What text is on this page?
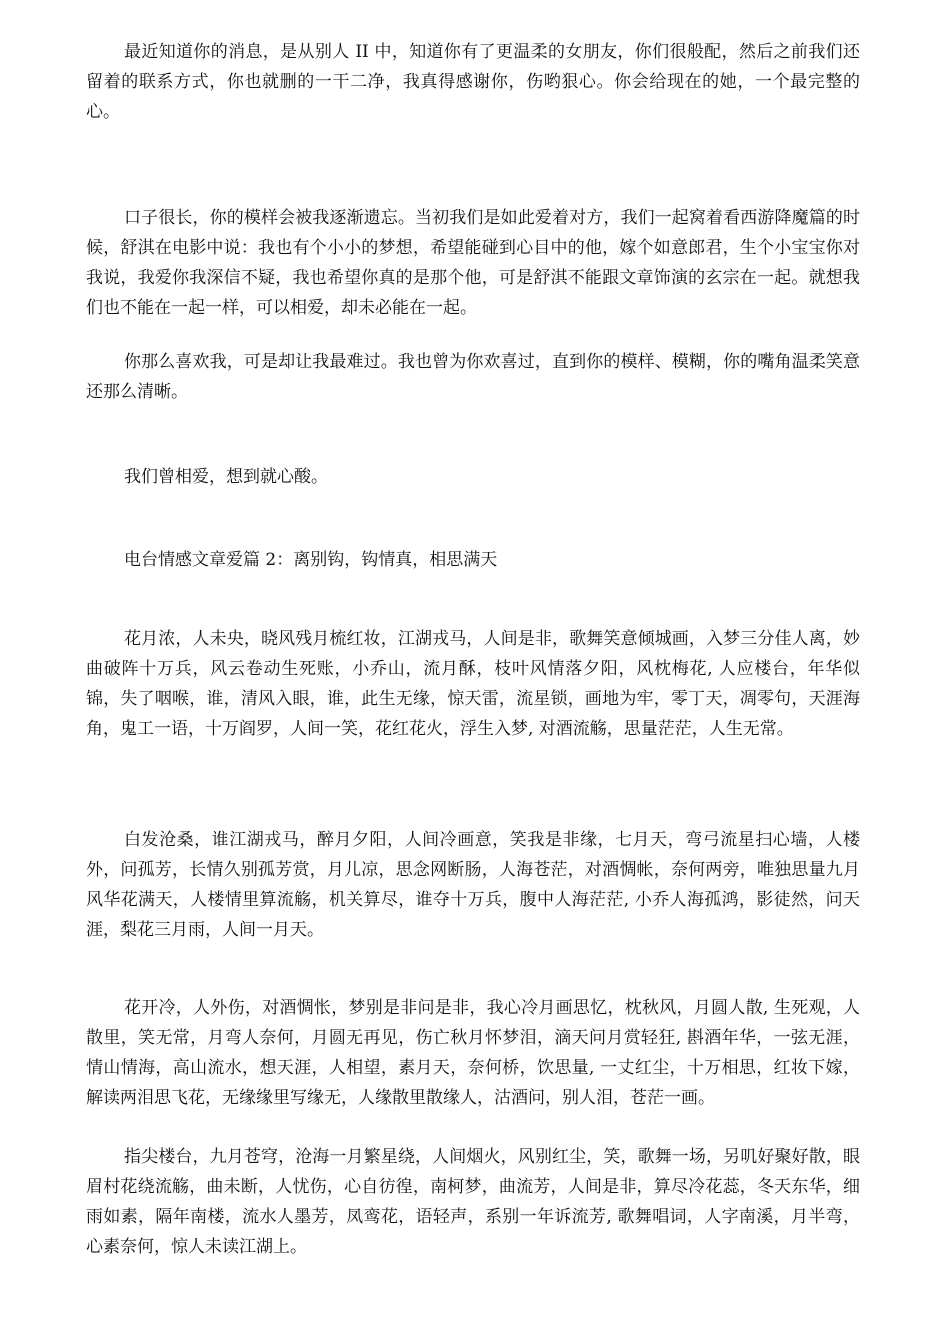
最近知道你的消息，是从别人 II 中，知道你有了更温柔的女朋友，你们很般配，然后之前我们还留着的联系方式，你也就删的一干二净，我真得感谢你，伤哟狠心。你会给现在的她，一个最完整的心。

口子很长，你的模样会被我逐渐遗忘。当初我们是如此爱着对方，我们一起窝着看西游降魔篇的时候，舒淇在电影中说：我也有个小小的梦想，希望能碰到心目中的他，嫁个如意郎君，生个小宝宝你对我说，我爱你我深信不疑，我也希望你真的是那个他，可是舒淇不能跟文章饰演的玄宗在一起。就想我们也不能在一起一样，可以相爱，却未必能在一起。

你那么喜欢我，可是却让我最难过。我也曾为你欢喜过，直到你的模样、模糊，你的嘴角温柔笑意还那么清晰。

我们曾相爱，想到就心酸。

电台情感文章爱篇 2：离别钩，钩情真，相思满天

花月浓，人未央，晓风残月梳红妆，江湖戎马，人间是非，歌舞笑意倾城画，入梦三分佳人离，妙曲破阵十万兵，风云卷动生死账，小乔山，流月酥，枝叶风情落夕阳，风枕梅花, 人应楼台，年华似锦，失了咽喉，谁，清风入眼，谁，此生无缘，惊天雷，流星锁，画地为牢，零丁天，凋零句，天涯海角，鬼工一语，十万阎罗，人间一笑，花红花火，浮生入梦, 对酒流觞，思量茫茫，人生无常。

白发沧桑，谁江湖戎马，醉月夕阳，人间冷画意，笑我是非缘，七月天，弯弓流星扫心墙，人楼外，问孤芳，长情久别孤芳赏，月儿凉，思念网断肠，人海苍茫，对酒惆帐，奈何两旁，唯独思量九月风华花满天，人楼情里算流觞，机关算尽，谁夺十万兵，腹中人海茫茫, 小乔人海孤鸿，影徒然，问天涯，梨花三月雨，人间一月天。

花开冷，人外伤，对酒惆怅，梦别是非问是非，我心冷月画思忆，枕秋风，月圆人散, 生死观，人散里，笑无常，月弯人奈何，月圆无再见，伤亡秋月怀梦泪，滴天问月赏轻狂, 斟酒年华，一弦无涯，情山情海，高山流水，想天涯，人相望，素月天，奈何桥，饮思量, 一丈红尘，十万相思，红妆下嫁，解读两泪思飞花，无缘缘里写缘无，人缘散里散缘人，沽酒问，别人泪，苍茫一画。

指尖楼台，九月苍穹，沧海一月繁星绕，人间烟火，风别红尘，笑，歌舞一场，另叽好聚好散，眼眉村花绕流觞，曲未断，人忧伤，心自彷徨，南柯梦，曲流芳，人间是非，算尽冷花蕊，冬天东华，细雨如素，隔年南楼，流水人墨芳，凤鸾花，语轻声，系别一年诉流芳, 歌舞唱词，人字南溪，月半弯，心素奈何，惊人未读江湖上。
